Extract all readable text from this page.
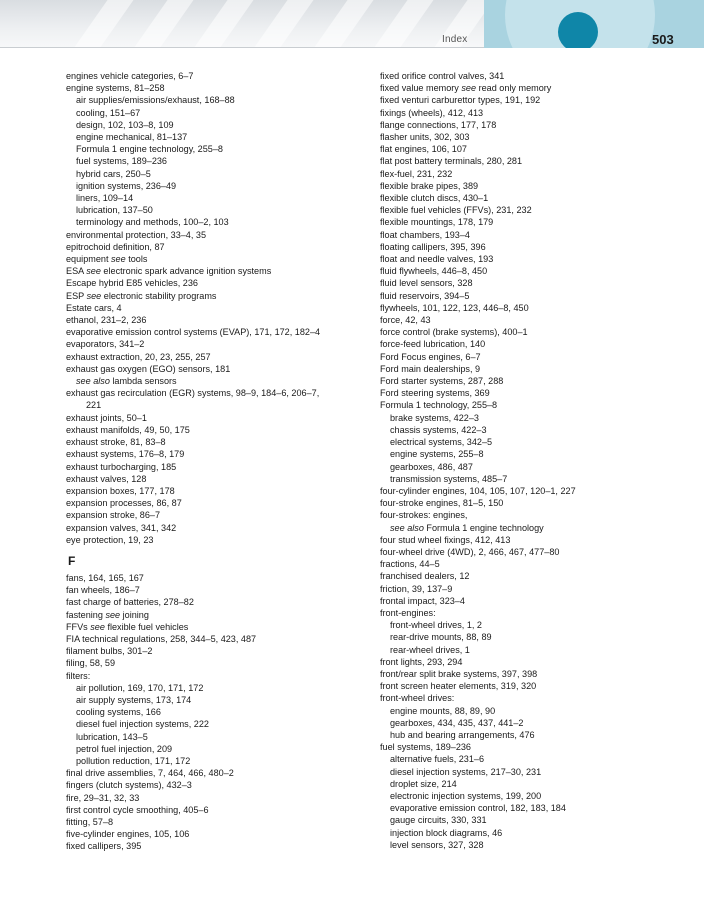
Index	503
engines vehicle categories, 6–7
engine systems, 81–258
air supplies/emissions/exhaust, 168–88
cooling, 151–67
design, 102, 103–8, 109
engine mechanical, 81–137
Formula 1 engine technology, 255–8
fuel systems, 189–236
hybrid cars, 250–5
ignition systems, 236–49
liners, 109–14
lubrication, 137–50
terminology and methods, 100–2, 103
environmental protection, 33–4, 35
epitrochoid definition, 87
equipment see tools
ESA see electronic spark advance ignition systems
Escape hybrid E85 vehicles, 236
ESP see electronic stability programs
Estate cars, 4
ethanol, 231–2, 236
evaporative emission control systems (EVAP), 171, 172, 182–4
evaporators, 341–2
exhaust extraction, 20, 23, 255, 257
exhaust gas oxygen (EGO) sensors, 181
see also lambda sensors
exhaust gas recirculation (EGR) systems, 98–9, 184–6, 206–7,
221
exhaust joints, 50–1
exhaust manifolds, 49, 50, 175
exhaust stroke, 81, 83–8
exhaust systems, 176–8, 179
exhaust turbocharging, 185
exhaust valves, 128
expansion boxes, 177, 178
expansion processes, 86, 87
expansion stroke, 86–7
expansion valves, 341, 342
eye protection, 19, 23
F
fans, 164, 165, 167
fan wheels, 186–7
fast charge of batteries, 278–82
fastening see joining
FFVs see flexible fuel vehicles
FIA technical regulations, 258, 344–5, 423, 487
filament bulbs, 301–2
filing, 58, 59
filters:
air pollution, 169, 170, 171, 172
air supply systems, 173, 174
cooling systems, 166
diesel fuel injection systems, 222
lubrication, 143–5
petrol fuel injection, 209
pollution reduction, 171, 172
final drive assemblies, 7, 464, 466, 480–2
fingers (clutch systems), 432–3
fire, 29–31, 32, 33
first control cycle smoothing, 405–6
fitting, 57–8
five-cylinder engines, 105, 106
fixed callipers, 395
fixed orifice control valves, 341
fixed value memory see read only memory
fixed venturi carburettor types, 191, 192
fixings (wheels), 412, 413
flange connections, 177, 178
flasher units, 302, 303
flat engines, 106, 107
flat post battery terminals, 280, 281
flex-fuel, 231, 232
flexible brake pipes, 389
flexible clutch discs, 430–1
flexible fuel vehicles (FFVs), 231, 232
flexible mountings, 178, 179
float chambers, 193–4
floating callipers, 395, 396
float and needle valves, 193
fluid flywheels, 446–8, 450
fluid level sensors, 328
fluid reservoirs, 394–5
flywheels, 101, 122, 123, 446–8, 450
force, 42, 43
force control (brake systems), 400–1
force-feed lubrication, 140
Ford Focus engines, 6–7
Ford main dealerships, 9
Ford starter systems, 287, 288
Ford steering systems, 369
Formula 1 technology, 255–8
brake systems, 422–3
chassis systems, 422–3
electrical systems, 342–5
engine systems, 255–8
gearboxes, 486, 487
transmission systems, 485–7
four-cylinder engines, 104, 105, 107, 120–1, 227
four-stroke engines, 81–5, 150
four-strokes: engines,
see also Formula 1 engine technology
four stud wheel fixings, 412, 413
four-wheel drive (4WD), 2, 466, 467, 477–80
fractions, 44–5
franchised dealers, 12
friction, 39, 137–9
frontal impact, 323–4
front-engines:
front-wheel drives, 1, 2
rear-drive mounts, 88, 89
rear-wheel drives, 1
front lights, 293, 294
front/rear split brake systems, 397, 398
front screen heater elements, 319, 320
front-wheel drives:
engine mounts, 88, 89, 90
gearboxes, 434, 435, 437, 441–2
hub and bearing arrangements, 476
fuel systems, 189–236
alternative fuels, 231–6
diesel injection systems, 217–30, 231
droplet size, 214
electronic injection systems, 199, 200
evaporative emission control, 182, 183, 184
gauge circuits, 330, 331
injection block diagrams, 46
level sensors, 327, 328
